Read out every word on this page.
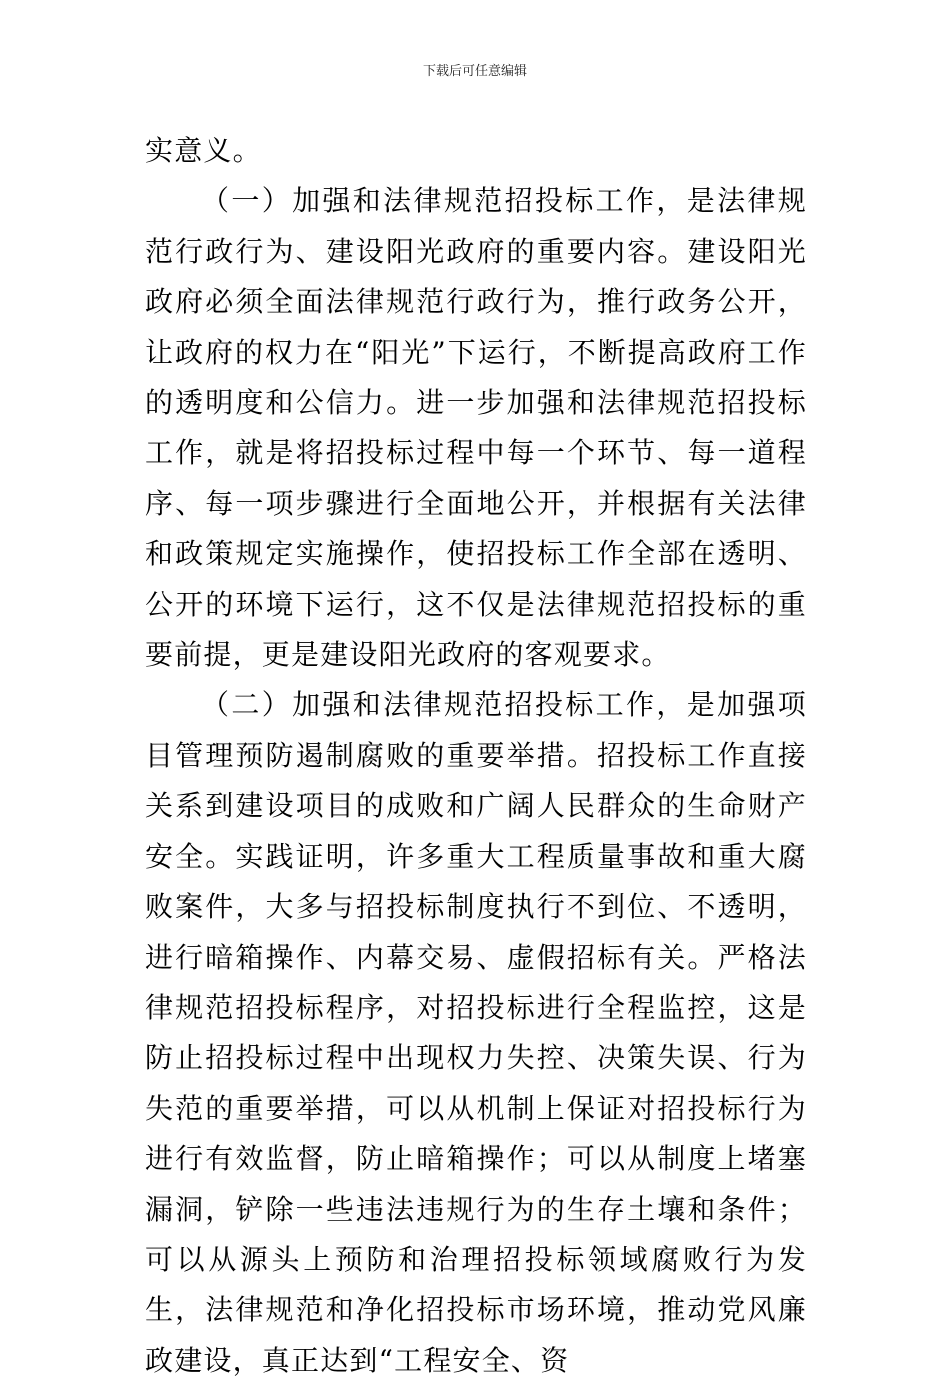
下载后可任意编辑

实意义。

（一）加强和法律规范招投标工作，是法律规范行政行为、建设阳光政府的重要内容。建设阳光政府必须全面法律规范行政行为，推行政务公开，让政府的权力在“阳光”下运行，不断提高政府工作的透明度和公信力。进一步加强和法律规范招投标工作，就是将招投标过程中每一个环节、每一道程序、每一项步骤进行全面地公开，并根据有关法律和政策规定实施操作，使招投标工作全部在透明、公开的环境下运行，这不仅是法律规范招投标的重要前提，更是建设阳光政府的客观要求。

（二）加强和法律规范招投标工作，是加强项目管理预防遏制腐败的重要举措。招投标工作直接关系到建设项目的成败和广阔人民群众的生命财产安全。实践证明，许多重大工程质量事故和重大腐败案件，大多与招投标制度执行不到位、不透明，进行暗箱操作、内幕交易、虚假招标有关。严格法律规范招投标程序，对招投标进行全程监控，这是防止招投标过程中出现权力失控、决策失误、行为失范的重要举措，可以从机制上保证对招投标行为进行有效监督，防止暗箱操作；可以从制度上堵塞漏洞，铲除一些违法违规行为的生存土壤和条件；可以从源头上预防和治理招投标领域腐败行为发生，法律规范和净化招投标市场环境，推动党风廉政建设，真正达到“工程安全、资
